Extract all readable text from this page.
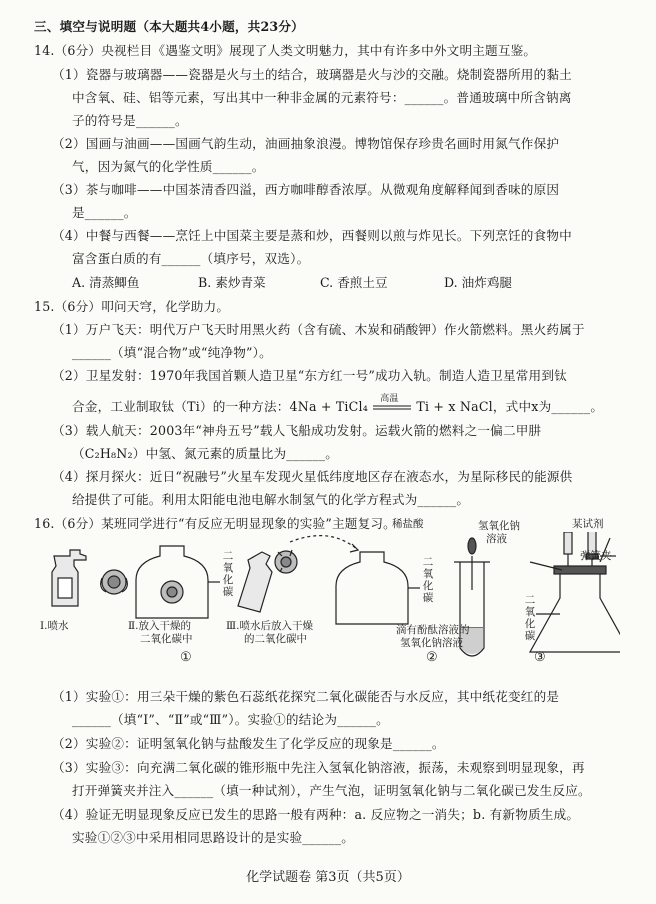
三、填空与说明题（本大题共4小题，共23分）
14.（6分）央视栏目《遇鉴文明》展现了人类文明魅力，其中有许多中外文明主题互鉴。
（1）瓷器与玻璃器——瓷器是火与土的结合，玻璃器是火与沙的交融。烧制瓷器所用的黏土
中含氧、硅、铝等元素，写出其中一种非金属的元素符号：______。普通玻璃中所含钠离
子的符号是______。
（2）国画与油画——国画气韵生动，油画抽象浪漫。博物馆保存珍贵名画时用氮气作保护
气，因为氮气的化学性质______。
（3）茶与咖啡——中国茶清香四溢，西方咖啡醇香浓厚。从微观角度解释闻到香味的原因
是______。
（4）中餐与西餐——烹饪上中国菜主要是蒸和炒，西餐则以煎与炸见长。下列烹饪的食物中
富含蛋白质的有______（填序号，双选）。
A. 清蒸鲫鱼	B. 素炒青菜	C. 香煎土豆	D. 油炸鸡腿
15.（6分）叩问天穹，化学助力。
（1）万户飞天：明代万户飞天时用黑火药（含有硫、木炭和硝酸钾）作火箭燃料。黑火药属于
______（填“混合物”或“纯净物”）。
（2）卫星发射：1970年我国首颗人造卫星“东方红一号”成功入轨。制造人造卫星常用到钛
合金，工业制取钛（Ti）的一种方法：4Na + TiCl₄
高温
Ti + x NaCl，式中x为______。
（3）载人航天：2003年“神舟五号”载人飞船成功发射。运载火箭的燃料之一偏二甲肼
（C₂H₈N₂）中氢、氮元素的质量比为______。
（4）探月探火：近日“祝融号”火星车发现火星低纬度地区存在液态水，为星际移民的能源供
给提供了可能。利用太阳能电池电解水制氢气的化学方程式为______。
16.（6分）某班同学进行“有反应无明显现象的实验”主题复习。
二
氧
化
碳
二
氧
化
碳	二
氧
化
碳
Ⅰ.喷水	Ⅱ.放入干燥的
二氧化碳中
Ⅲ.喷水后放入干燥
的二氧化碳中
稀盐酸
滴有酚酞溶液的
氢氧化钠溶液
氢氧化钠
溶液
某试剂
弹簧夹
①	②	③
（1）实验①：用三朵干燥的紫色石蕊纸花探究二氧化碳能否与水反应，其中纸花变红的是
______（填“Ⅰ”、“Ⅱ”或“Ⅲ”）。实验①的结论为______。
（2）实验②：证明氢氧化钠与盐酸发生了化学反应的现象是______。
（3）实验③：向充满二氧化碳的锥形瓶中先注入氢氧化钠溶液，振荡，未观察到明显现象，再
打开弹簧夹并注入______（填一种试剂），产生气泡，证明氢氧化钠与二氧化碳已发生反应。
（4）验证无明显现象反应已发生的思路一般有两种：a. 反应物之一消失；b. 有新物质生成。
实验①②③中采用相同思路设计的是实验______。
化学试题卷 第3页（共5页）
